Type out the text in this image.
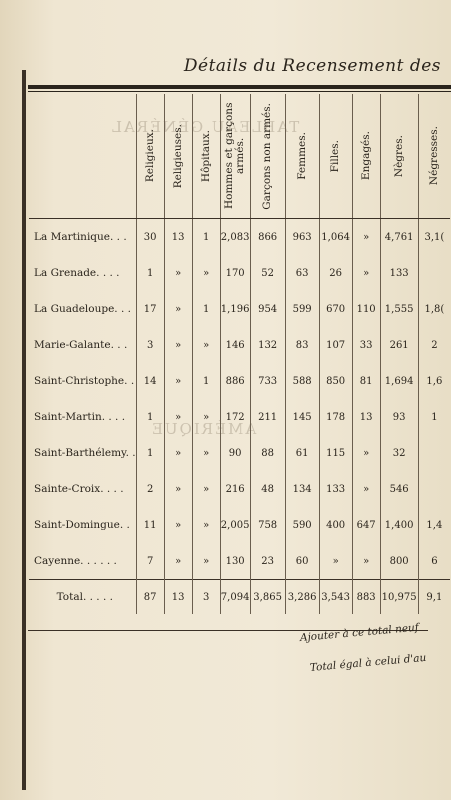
TABLEAU GÉNÉRAL
AMÉRIQUE
Détails du Recensement des

	Religieux.	Religieuses.	Hôpitaux.	Hommes et garçons armés.	Garçons non armés.	Femmes.	Filles.	Engagés.	Nègres.	Négresses.

La Martinique. . .	30	13	1	2,083	866	963	1,064	»	4,761	3,1(
La Grenade. . . .	1	»	»	170	52	63	26	»	133	
La Guadeloupe. . .	17	»	1	1,196	954	599	670	110	1,555	1,8(
Marie-Galante. . .	3	»	»	146	132	83	107	33	261	2
Saint-Christophe. .	14	»	1	886	733	588	850	81	1,694	1,6
Saint-Martin. . . .	1	»	»	172	211	145	178	13	93	1
Saint-Barthélemy. .	1	»	»	90	88	61	115	»	32	
Sainte-Croix. . . .	2	»	»	216	48	134	133	»	546	
Saint-Domingue. .	11	»	»	2,005	758	590	400	647	1,400	1,4
Cayenne. . . . . .	7	»	»	130	23	60	»	»	800	6
Total. . . . .	87	13	3	7,094	3,865	3,286	3,543	883	10,975	9,1
Ajouter à ce total neuf
Total égal à celui d'au
